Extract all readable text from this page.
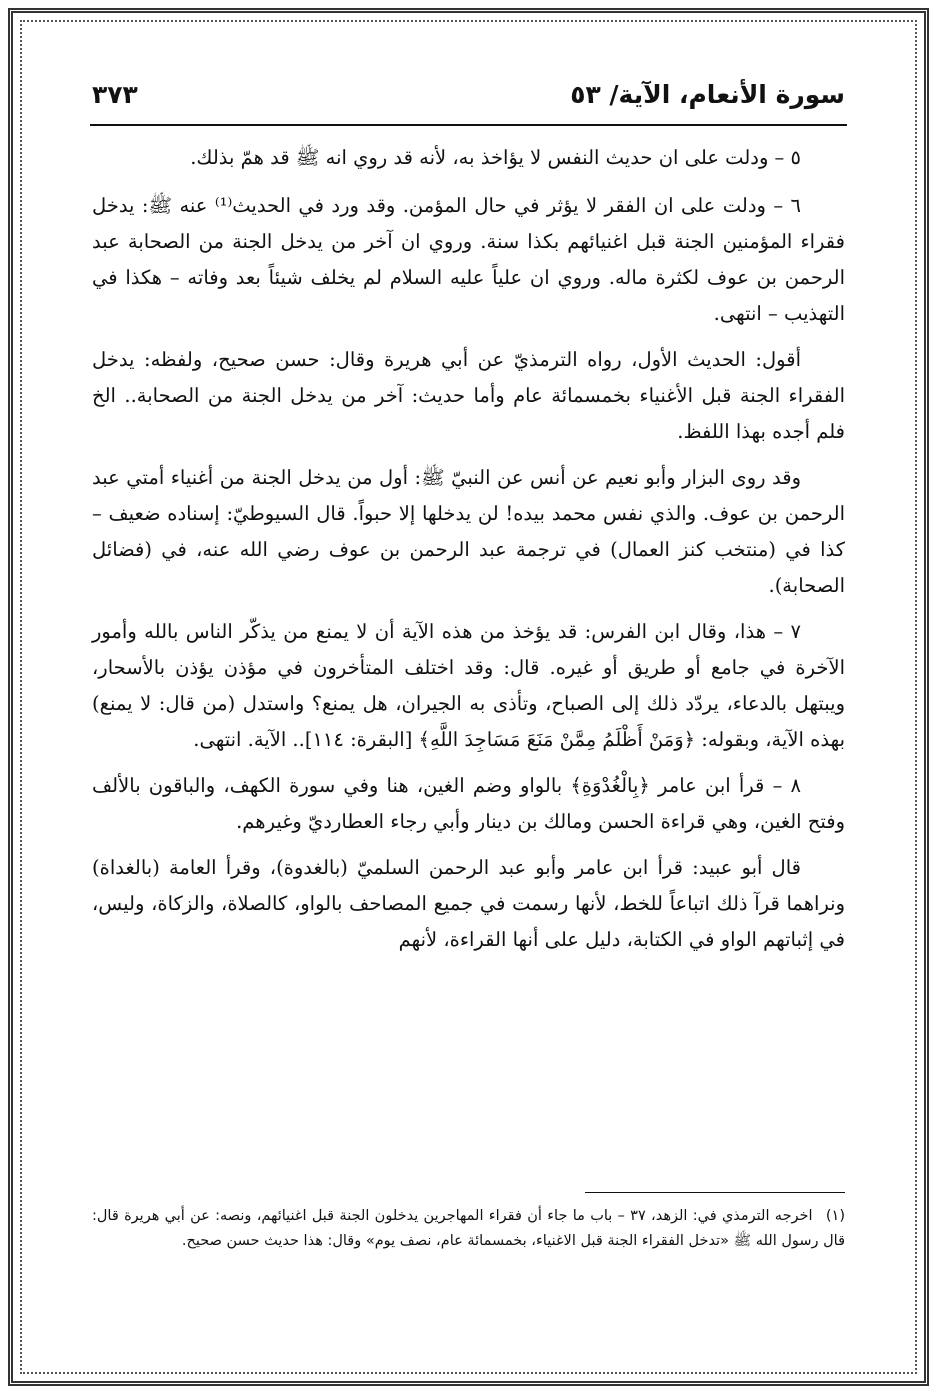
سورة الأنعام، الآية/ ٥٣
٣٧٣

٥ – ودلت على ان حديث النفس لا يؤاخذ به، لأنه قد روي انه ﷺ قد همّ بذلك.

٦ – ودلت على ان الفقر لا يؤثر في حال المؤمن. وقد ورد في الحديث⁽¹⁾ عنه ﷺ: يدخل فقراء المؤمنين الجنة قبل اغنيائهم بكذا سنة. وروي ان آخر من يدخل الجنة من الصحابة عبد الرحمن بن عوف لكثرة ماله. وروي ان علياً عليه السلام لم يخلف شيئاً بعد وفاته – هكذا في التهذيب – انتهى.

أقول: الحديث الأول، رواه الترمذيّ عن أبي هريرة وقال: حسن صحيح، ولفظه: يدخل الفقراء الجنة قبل الأغنياء بخمسمائة عام وأما حديث: آخر من يدخل الجنة من الصحابة.. الخ فلم أجده بهذا اللفظ.

وقد روى البزار وأبو نعيم عن أنس عن النبيّ ﷺ: أول من يدخل الجنة من أغنياء أمتي عبد الرحمن بن عوف. والذي نفس محمد بيده! لن يدخلها إلا حبواً. قال السيوطيّ: إسناده ضعيف – كذا في (منتخب كنز العمال) في ترجمة عبد الرحمن بن عوف رضي الله عنه، في (فضائل الصحابة).

٧ – هذا، وقال ابن الفرس: قد يؤخذ من هذه الآية أن لا يمنع من يذكّر الناس بالله وأمور الآخرة في جامع أو طريق أو غيره. قال: وقد اختلف المتأخرون في مؤذن يؤذن بالأسحار، ويبتهل بالدعاء، يردّد ذلك إلى الصباح، وتأذى به الجيران، هل يمنع؟ واستدل (من قال: لا يمنع) بهذه الآية، وبقوله: ﴿وَمَنْ أَظْلَمُ مِمَّنْ مَنَعَ مَسَاجِدَ اللَّهِ﴾ [البقرة: ١١٤].. الآية. انتهى.

٨ – قرأ ابن عامر ﴿بِالْغُدْوَةِ﴾ بالواو وضم الغين، هنا وفي سورة الكهف، والباقون بالألف وفتح الغين، وهي قراءة الحسن ومالك بن دينار وأبي رجاء العطارديّ وغيرهم.

قال أبو عبيد: قرأ ابن عامر وأبو عبد الرحمن السلميّ (بالغدوة)، وقرأ العامة (بالغداة) ونراهما قرآ ذلك اتباعاً للخط، لأنها رسمت في جميع المصاحف بالواو، كالصلاة، والزكاة، وليس، في إثباتهم الواو في الكتابة، دليل على أنها القراءة، لأنهم

(١) اخرجه الترمذي في: الزهد، ٣٧ – باب ما جاء أن فقراء المهاجرين يدخلون الجنة قبل اغنيائهم، ونصه: عن أبي هريرة قال: قال رسول الله ﷺ «تدخل الفقراء الجنة قبل الاغنياء، بخمسمائة عام، نصف يوم» وقال: هذا حديث حسن صحيح.
